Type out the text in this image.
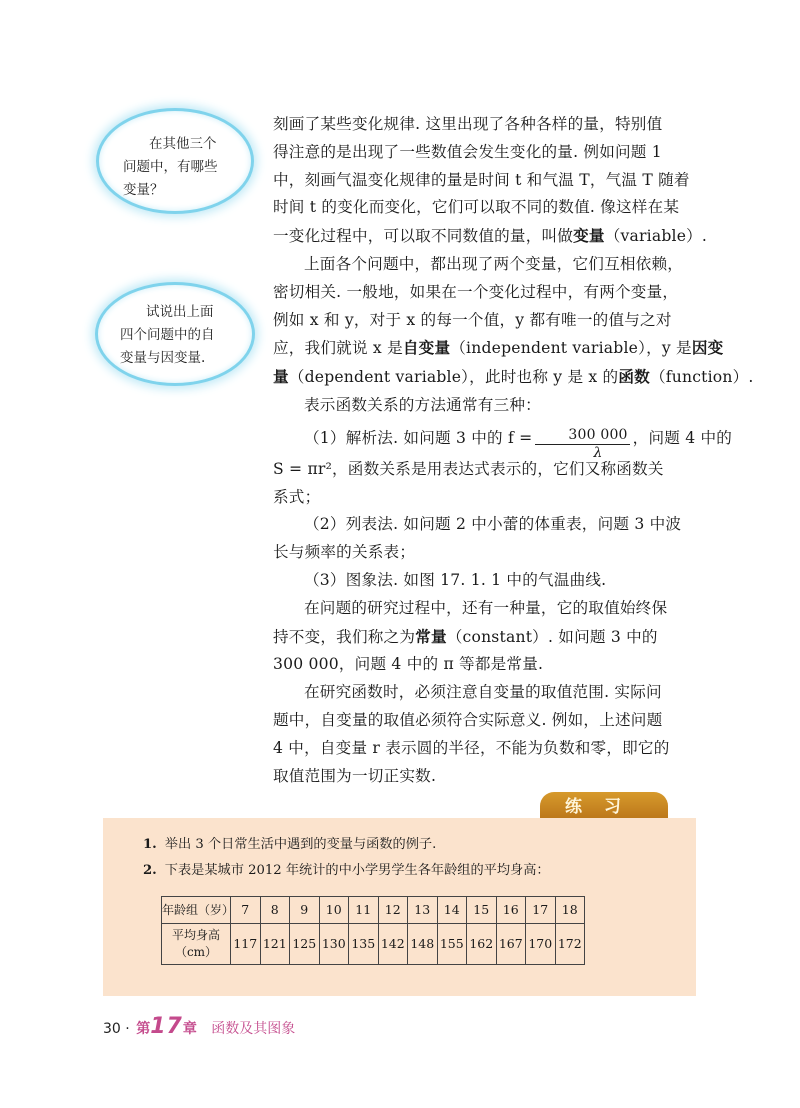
在其他三个
问题中，有哪些
变量？
试说出上面
四个问题中的自
变量与因变量.
刻画了某些变化规律. 这里出现了各种各样的量，特别值
得注意的是出现了一些数值会发生变化的量. 例如问题 1
中，刻画气温变化规律的量是时间 t 和气温 T，气温 T 随着
时间 t 的变化而变化，它们可以取不同的数值. 像这样在某
一变化过程中，可以取不同数值的量，叫做变量（variable）.
上面各个问题中，都出现了两个变量，它们互相依赖，
密切相关. 一般地，如果在一个变化过程中，有两个变量，
例如 x 和 y，对于 x 的每一个值，y 都有唯一的值与之对
应，我们就说 x 是自变量（independent variable），y 是因变
量（dependent variable），此时也称 y 是 x 的函数（function）.
表示函数关系的方法通常有三种：
（1）解析法. 如问题 3 中的 $f = \frac{300 000}{\lambda}$ ，问题 4 中的
S = πr²，函数关系是用表达式表示的，它们又称函数关
系式；
（2）列表法. 如问题 2 中小蕾的体重表，问题 3 中波
长与频率的关系表；
（3）图象法. 如图 17. 1. 1 中的气温曲线.
在问题的研究过程中，还有一种量，它的取值始终保
持不变，我们称之为常量（constant）. 如问题 3 中的
300 000，问题 4 中的 π 等都是常量.
在研究函数时，必须注意自变量的取值范围. 实际问
题中，自变量的取值必须符合实际意义. 例如，上述问题
4 中，自变量 r 表示圆的半径，不能为负数和零，即它的
取值范围为一切正实数.
练习
1. 举出 3 个日常生活中遇到的变量与函数的例子.
2. 下表是某城市 2012 年统计的中小学男学生各年龄组的平均身高：
年龄组（岁）	7	8	9	10	11	12	13	14	15	16	17	18

平均身高
（cm）	117	121	125	130	135	142	148	155	162	167	170	172
30 · 第17章 函数及其图象
